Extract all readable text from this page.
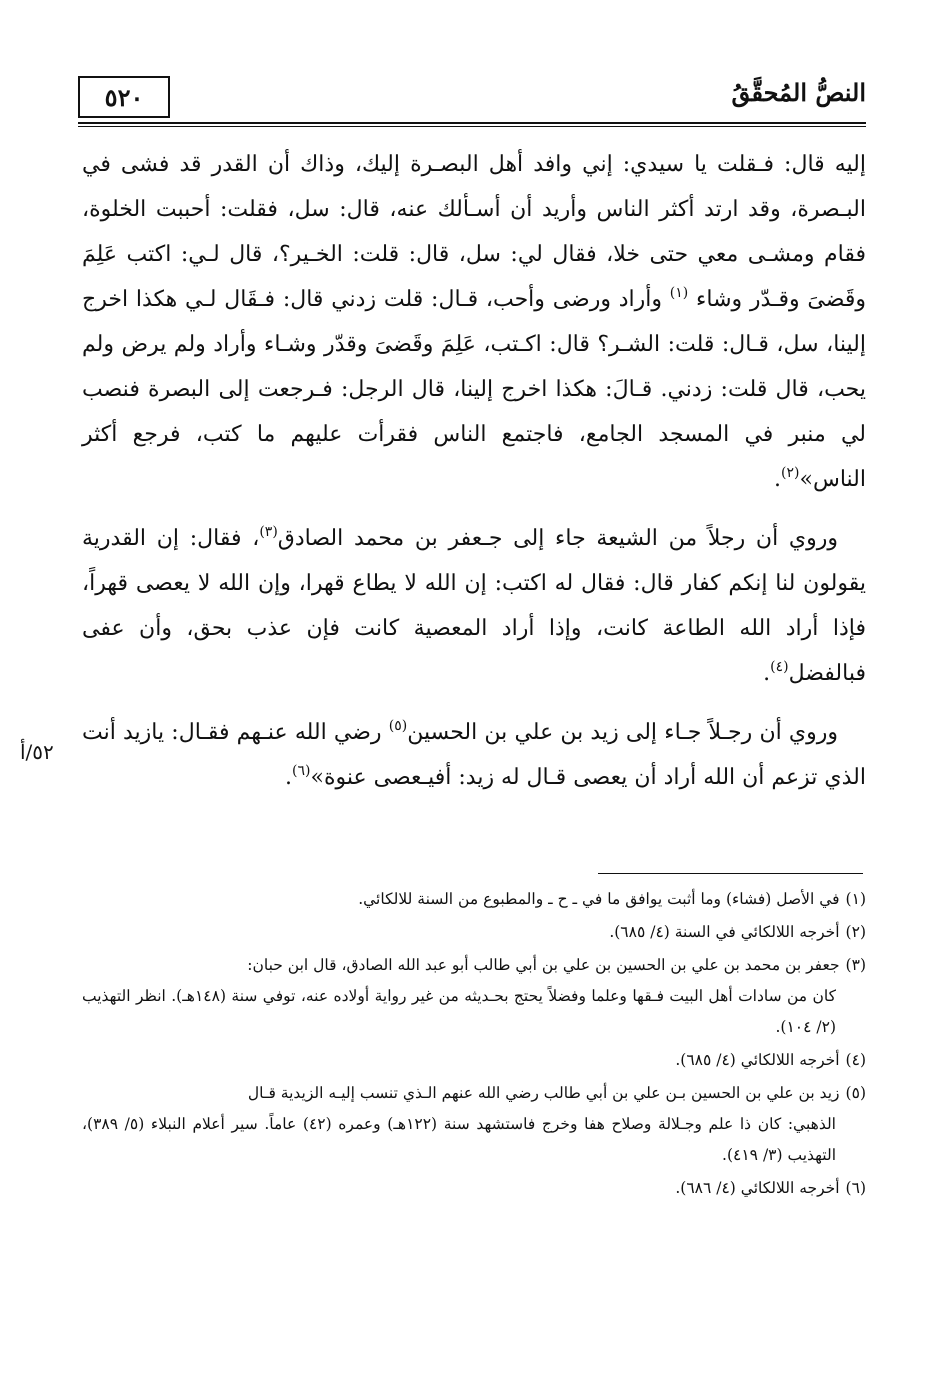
٥٢٠	النصُّ المُحقَّقُ
٥٢/أ

إليه قال: فـقلت يا سيدي: إني وافد أهل البصـرة إليك، وذاك أن القدر قد فشى في البـصرة، وقد ارتد أكثر الناس وأريد أن أسـألك عنه، قال: سل، فقلت: أحببت الخلوة، فقام ومشـى معي حتى خلا، فقال لي: سل، قال: قلت: الخـير؟، قال لـي: اكتب عَلِمَ وقَضىَ وقـدّر وشاء $^{(١)}$ وأراد ورضى وأحب، قـال: قلت زدني قال: فـقَال لـي هكذا اخرج إلينا، سل، قـال: قلت: الشـر؟ قال: اكـتب، عَلِمَ وقَضىَ وقدّر وشـاء وأراد ولم يرض ولم يحب، قال قلت: زدني. قـالَ: هكذا اخرج إلينا، قال الرجل: فـرجعت إلى البصرة فنصب لي منبر في المسجد الجامع، فاجتمع الناس فقرأت عليهم ما كتب، فرجع أكثر الناس»$^{(٢)}$.

وروي أن رجلاً من الشيعة جاء إلى جـعفر بن محمد الصادق$^{(٣)}$، فقال: إن القدرية يقولون لنا إنكم كفار قال: فقال له اكتب: إن الله لا يطاع قهرا، وإن الله لا يعصى قهراً، فإذا أراد الله الطاعة كانت، وإذا أراد المعصية كانت فإن عذب بحق، وأن عفى فبالفضل$^{(٤)}$.

وروي أن رجـلاً جـاء إلى زيد بن علي بن الحسين$^{(٥)}$ رضي الله عنـهم فقـال: يازيد أنت الذي تزعم أن الله أراد أن يعصى قـال له زيد: أفيـعصى عنوة»$^{(٦)}$.

(١)في الأصل (فشاء) وما أثبت يوافق ما في ـ ح ـ والمطبوع من السنة للالكائي.

(٢)أخرجه اللالكائي في السنة (٤/ ٦٨٥).

(٣)جعفر بن محمد بن علي بن الحسين بن علي بن أبي طالب أبو عبد الله الصادق، قال ابن حبان:
كان من سادات أهل البيت فـقها وعلما وفضلاً يحتج بحـديثه من غير رواية أولاده عنه، توفي سنة (١٤٨هـ). انظر التهذيب (٢/ ١٠٤).

(٤)أخرجه اللالكائي (٤/ ٦٨٥).

(٥)زيد بن علي بن الحسين بـن علي بن أبي طالب رضي الله عنهم الـذي تنسب إليـه الزيدية قـال
الذهبي: كان ذا علم وجـلالة وصلاح هفا وخرج فاستشهد سنة (١٢٢هـ) وعمره (٤٢) عاماً. سير أعلام النبلاء (٥/ ٣٨٩)، التهذيب (٣/ ٤١٩).

(٦)أخرجه اللالكائي (٤/ ٦٨٦).
